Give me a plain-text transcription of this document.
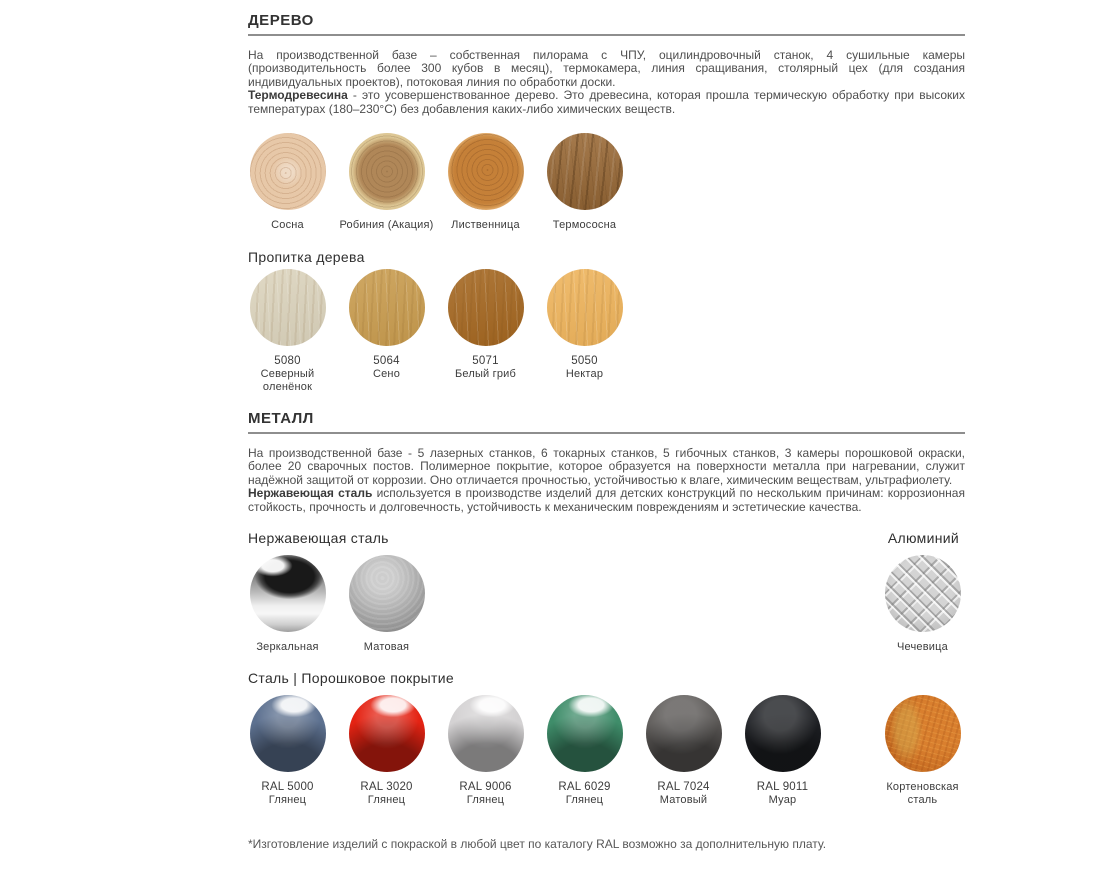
ДЕРЕВО

На производственной базе – собственная пилорама с ЧПУ, оцилиндровочный станок, 4 сушильные камеры (производительность более 300 кубов в месяц), термокамера, линия сращивания, столярный цех (для создания индивидуальных проектов), потоковая линия по обработки доски.

Термодревесина - это усовершенствованное дерево. Это древесина, которая прошла термическую обработку при высоких температурах (180–230°С) без добавления каких-либо химических веществ.

Сосна	Робиния (Акация)	Лиственница	Термососна
Пропитка дерева
5080
Северный оленёнок
5064
Сено
5071
Белый гриб
5050
Нектар
МЕТАЛЛ

На производственной базе - 5 лазерных станков, 6 токарных станков, 5 гибочных станков, 3 камеры порошковой окраски, более 20 сварочных постов. Полимерное покрытие, которое образуется на поверхности металла при нагревании, служит надёжной защитой от коррозии. Оно отличается прочностью, устойчивостью к влаге, химическим веществам, ультрафиолету.

Нержавеющая сталь используется в производстве изделий для детских конструкций по нескольким причинам: коррозионная стойкость, прочность и долговечность, устойчивость к механическим повреждениям и эстетические качества.

Нержавеющая сталь	Алюминий
Зеркальная	Матовая	Чечевица
Сталь | Порошковое покрытие
RAL 5000
Глянец
RAL 3020
Глянец
RAL 9006
Глянец
RAL 6029
Глянец
RAL 7024
Матовый
RAL 9011
Муар
Кортеновская сталь
*Изготовление изделий с покраской в любой цвет по каталогу RAL возможно за дополнительную плату.
